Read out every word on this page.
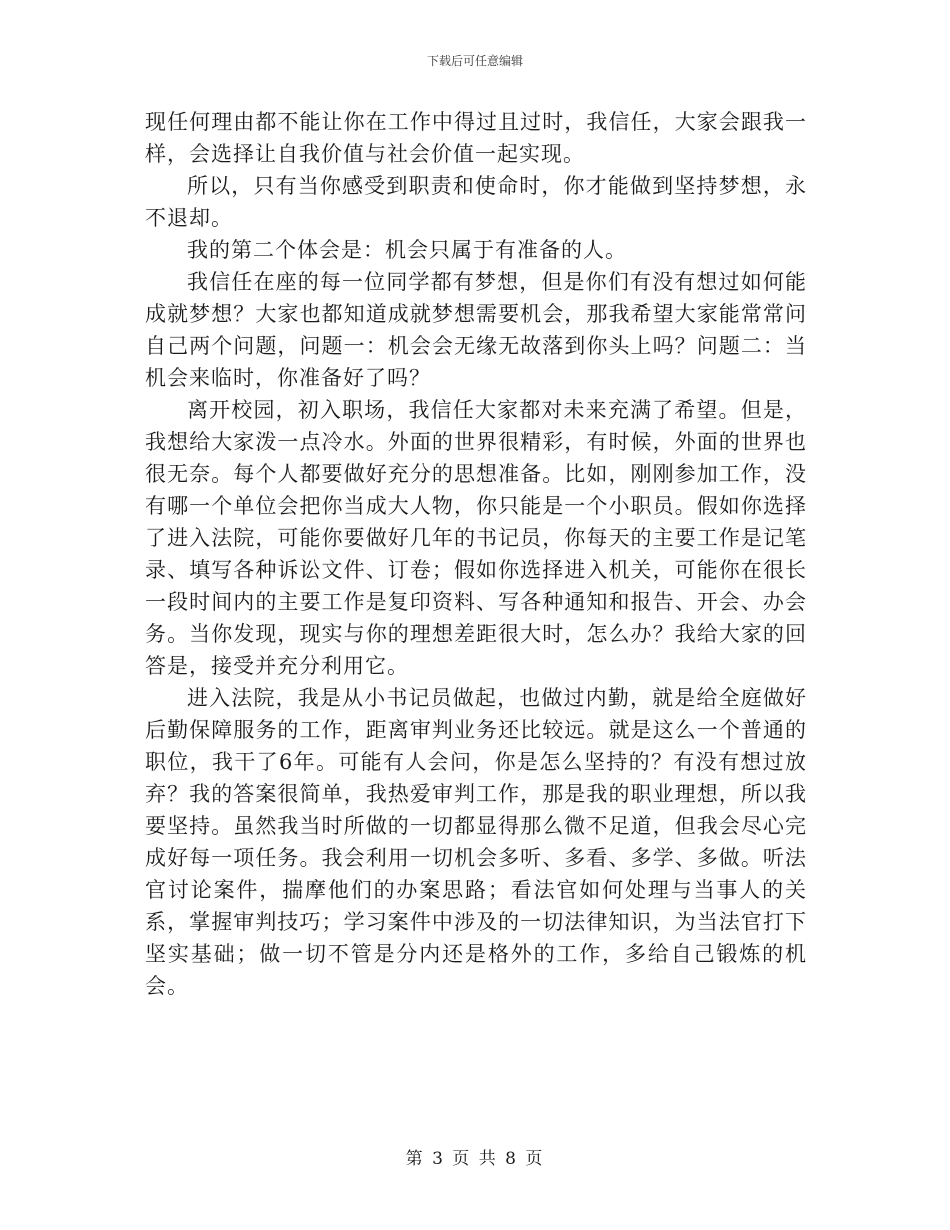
下载后可任意编辑

现任何理由都不能让你在工作中得过且过时，我信任，大家会跟我一样，会选择让自我价值与社会价值一起实现。

所以，只有当你感受到职责和使命时，你才能做到坚持梦想，永不退却。

我的第二个体会是：机会只属于有准备的人。

我信任在座的每一位同学都有梦想，但是你们有没有想过如何能成就梦想？大家也都知道成就梦想需要机会，那我希望大家能常常问自己两个问题，问题一：机会会无缘无故落到你头上吗？问题二：当机会来临时，你准备好了吗？

离开校园，初入职场，我信任大家都对未来充满了希望。但是，我想给大家泼一点冷水。外面的世界很精彩，有时候，外面的世界也很无奈。每个人都要做好充分的思想准备。比如，刚刚参加工作，没有哪一个单位会把你当成大人物，你只能是一个小职员。假如你选择了进入法院，可能你要做好几年的书记员，你每天的主要工作是记笔录、填写各种诉讼文件、订卷；假如你选择进入机关，可能你在很长一段时间内的主要工作是复印资料、写各种通知和报告、开会、办会务。当你发现，现实与你的理想差距很大时，怎么办？我给大家的回答是，接受并充分利用它。

进入法院，我是从小书记员做起，也做过内勤，就是给全庭做好后勤保障服务的工作，距离审判业务还比较远。就是这么一个普通的职位，我干了6年。可能有人会问，你是怎么坚持的？有没有想过放弃？我的答案很简单，我热爱审判工作，那是我的职业理想，所以我要坚持。虽然我当时所做的一切都显得那么微不足道，但我会尽心完成好每一项任务。我会利用一切机会多听、多看、多学、多做。听法官讨论案件，揣摩他们的办案思路；看法官如何处理与当事人的关系，掌握审判技巧；学习案件中涉及的一切法律知识，为当法官打下坚实基础；做一切不管是分内还是格外的工作，多给自己锻炼的机会。

第 3 页 共 8 页
